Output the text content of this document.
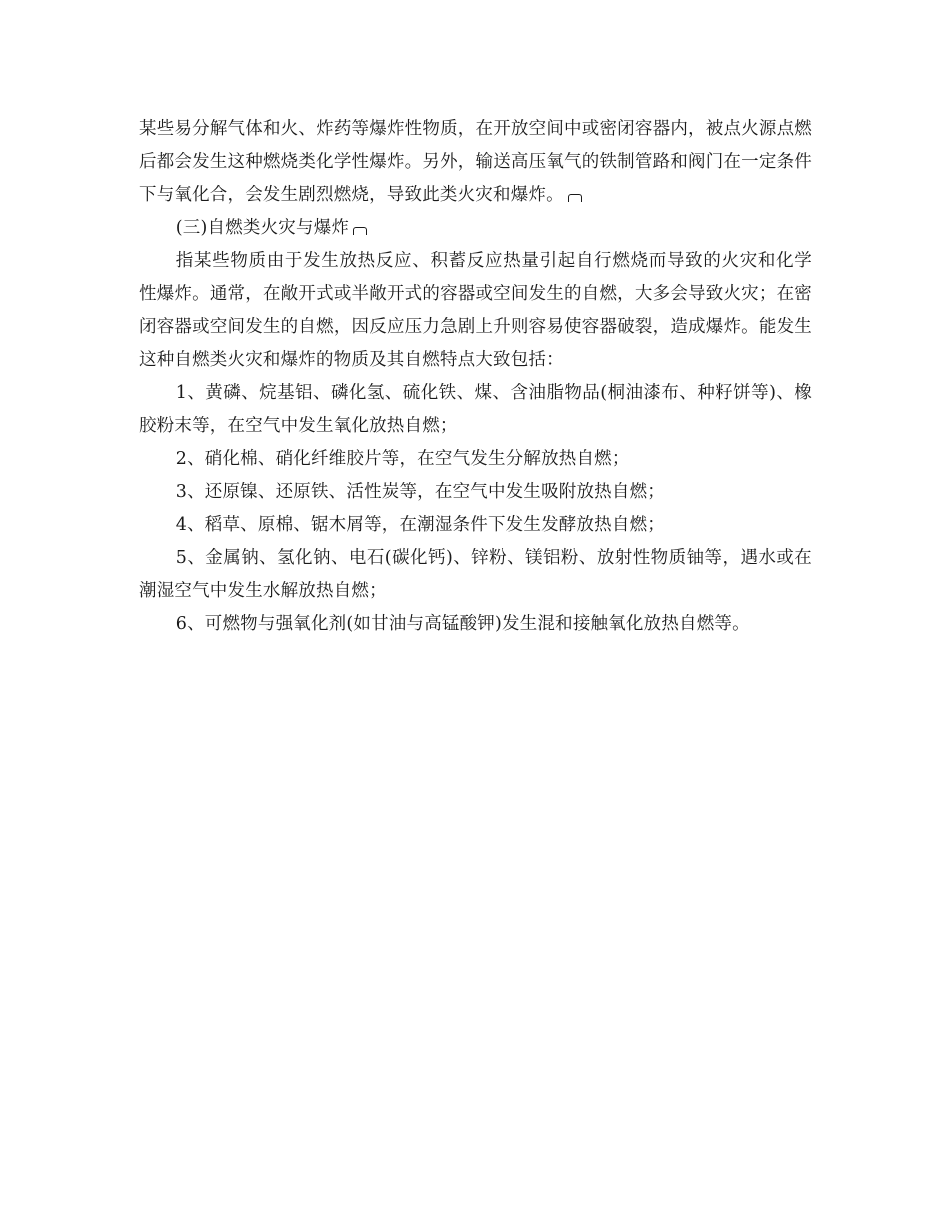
某些易分解气体和火、炸药等爆炸性物质，在开放空间中或密闭容器内，被点火源点燃后都会发生这种燃烧类化学性爆炸。另外，输送高压氧气的铁制管路和阀门在一定条件下与氧化合，会发生剧烈燃烧，导致此类火灾和爆炸。

(三)自燃类火灾与爆炸

指某些物质由于发生放热反应、积蓄反应热量引起自行燃烧而导致的火灾和化学性爆炸。通常，在敞开式或半敞开式的容器或空间发生的自燃，大多会导致火灾；在密闭容器或空间发生的自燃，因反应压力急剧上升则容易使容器破裂，造成爆炸。能发生这种自燃类火灾和爆炸的物质及其自燃特点大致包括：

1、黄磷、烷基铝、磷化氢、硫化铁、煤、含油脂物品(桐油漆布、种籽饼等)、橡胶粉末等，在空气中发生氧化放热自燃；

2、硝化棉、硝化纤维胶片等，在空气发生分解放热自燃；

3、还原镍、还原铁、活性炭等，在空气中发生吸附放热自燃；

4、稻草、原棉、锯木屑等，在潮湿条件下发生发酵放热自燃；

5、金属钠、氢化钠、电石(碳化钙)、锌粉、镁铝粉、放射性物质铀等，遇水或在潮湿空气中发生水解放热自燃；

6、可燃物与强氧化剂(如甘油与高锰酸钾)发生混和接触氧化放热自燃等。
